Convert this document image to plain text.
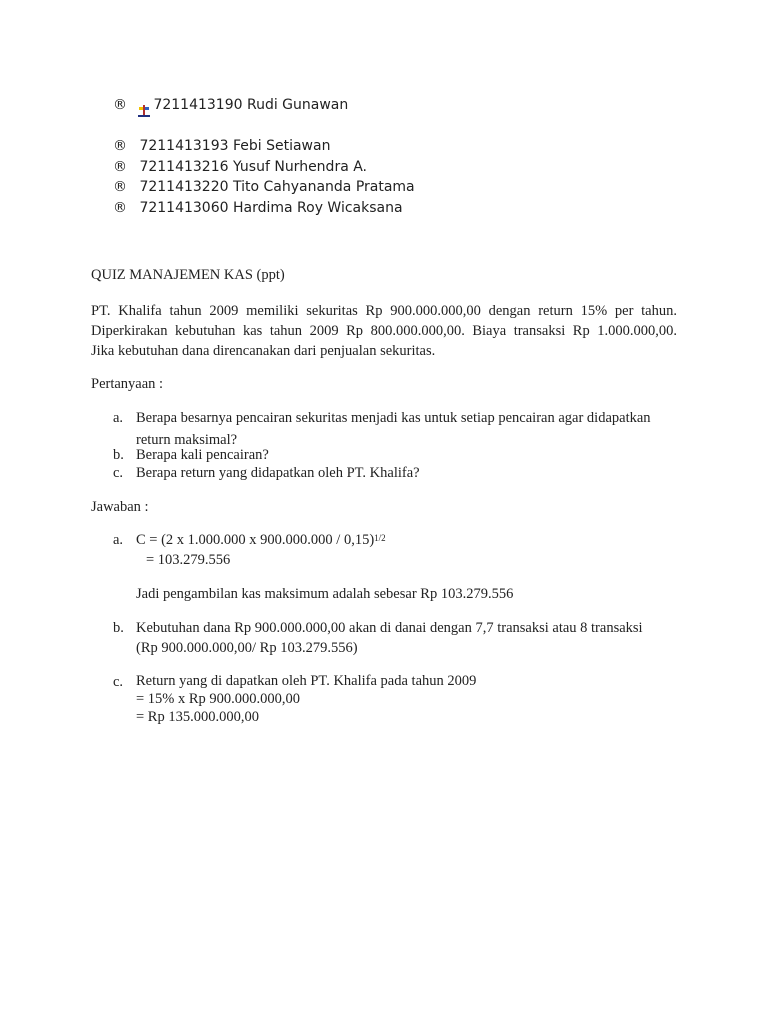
® 7211413190 Rudi Gunawan
® 7211413193 Febi Setiawan
® 7211413216 Yusuf Nurhendra A.
® 7211413220 Tito Cahyananda Pratama
® 7211413060 Hardima Roy Wicaksana
QUIZ MANAJEMEN KAS (ppt)
PT. Khalifa tahun 2009 memiliki sekuritas Rp 900.000.000,00 dengan return 15% per tahun.
Diperkirakan kebutuhan kas tahun 2009 Rp 800.000.000,00. Biaya transaksi Rp 1.000.000,00.
Jika kebutuhan dana direncanakan dari penjualan sekuritas.
Pertanyaan :
a. Berapa besarnya pencairan sekuritas menjadi kas untuk setiap pencairan agar didapatkan
return maksimal?
b. Berapa kali pencairan?
c. Berapa return yang didapatkan oleh PT. Khalifa?
Jawaban :
a. C = (2 x 1.000.000 x 900.000.000 / 0,15)$^{1/2}$
= 103.279.556
Jadi pengambilan kas maksimum adalah sebesar Rp 103.279.556
b. Kebutuhan dana Rp 900.000.000,00 akan di danai dengan 7,7 transaksi atau 8 transaksi
(Rp 900.000.000,00/ Rp 103.279.556)
c. Return yang di dapatkan oleh PT. Khalifa pada tahun 2009
= 15% x Rp 900.000.000,00
= Rp 135.000.000,00
